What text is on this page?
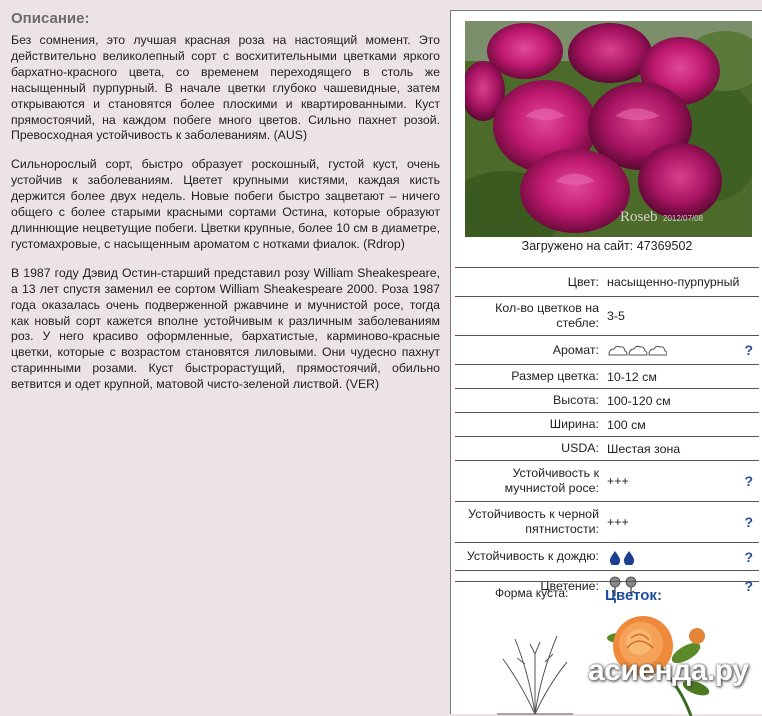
Описание:

Без сомнения, это лучшая красная роза на настоящий момент. Это действительно великолепный сорт с восхитительными цветками яркого бархатно-красного цвета, со временем переходящего в столь же насыщенный пурпурный. В начале цветки глубоко чашевидные, затем открываются и становятся более плоскими и квартированными. Куст прямостоячий, на каждом побеге много цветов. Сильно пахнет розой. Превосходная устойчивость к заболеваниям. (AUS)

Сильнорослый сорт, быстро образует роскошный, густой куст, очень устойчив к заболеваниям. Цветет крупными кистями, каждая кисть держится более двух недель. Новые побеги быстро зацветают – ничего общего с более старыми красными сортами Остина, которые образуют длиннющие нецветущие побеги. Цветки крупные, более 10 см в диаметре, густомахровые, с насыщенным ароматом с нотками фиалок. (Rdrop)

В 1987 году Дэвид Остин-старший представил розу William Sheakespeare, а 13 лет спустя заменил ее сортом William Sheakespeare 2000. Роза 1987 года оказалась очень подверженной ржавчине и мучнистой росе, тогда как новый сорт кажется вполне устойчивым к различным заболеваниям роз. У него красиво оформленные, бархатистые, карминово-красные цветки, которые с возрастом становятся лиловыми. Они чудесно пахнут старинными розами. Куст быстрорастущий, прямостоячий, обильно ветвится и одет крупной, матовой чисто-зеленой листвой. (VER)

Roseb 2012/07/08
Загружено на сайт: 47369502
Цвет: насыщенно-пурпурный
Кол-во цветков на стебле: 3-5
Аромат:	?
Размер цветка: 10-12 см
Высота: 100-120 см
Ширина: 100 см
USDA: Шестая зона
Устойчивость к мучнистой росе: +++	?
Устойчивость к черной пятнистости: +++	?
Устойчивость к дождю:	?
Цветение:	?
Форма куста: Цветок:
асиенда.ру
